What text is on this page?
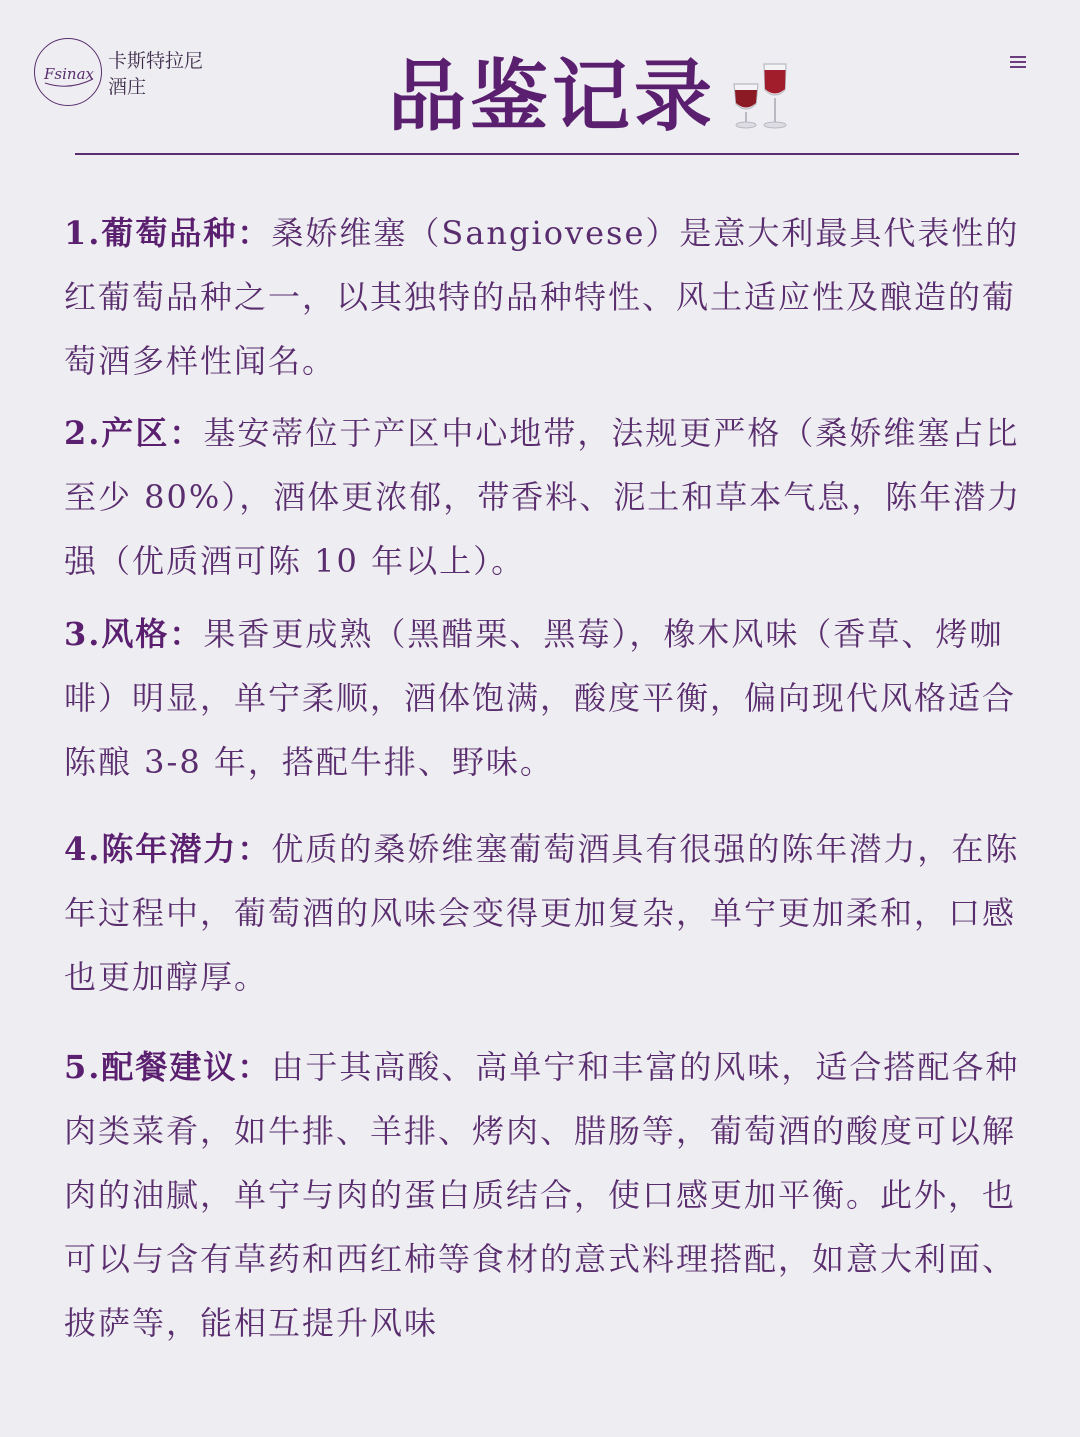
Fsinax
卡斯特拉尼
酒庄	品鉴记录
1.葡萄品种：桑娇维塞（Sangiovese）是意大利最具代表性的红葡萄品种之一，以其独特的品种特性、风土适应性及酿造的葡萄酒多样性闻名。
2.产区：基安蒂位于产区中心地带，法规更严格（桑娇维塞占比至少 80%），酒体更浓郁，带香料、泥土和草本气息，陈年潜力强（优质酒可陈 10 年以上）。
3.风格：果香更成熟（黑醋栗、黑莓），橡木风味（香草、烤咖啡）明显，单宁柔顺，酒体饱满，酸度平衡，偏向现代风格适合陈酿 3-8 年，搭配牛排、野味。
4.陈年潜力：优质的桑娇维塞葡萄酒具有很强的陈年潜力，在陈年过程中，葡萄酒的风味会变得更加复杂，单宁更加柔和，口感也更加醇厚。
5.配餐建议：由于其高酸、高单宁和丰富的风味，适合搭配各种肉类菜肴，如牛排、羊排、烤肉、腊肠等，葡萄酒的酸度可以解肉的油腻，单宁与肉的蛋白质结合，使口感更加平衡。此外，也可以与含有草药和西红柿等食材的意式料理搭配，如意大利面、披萨等，能相互提升风味
